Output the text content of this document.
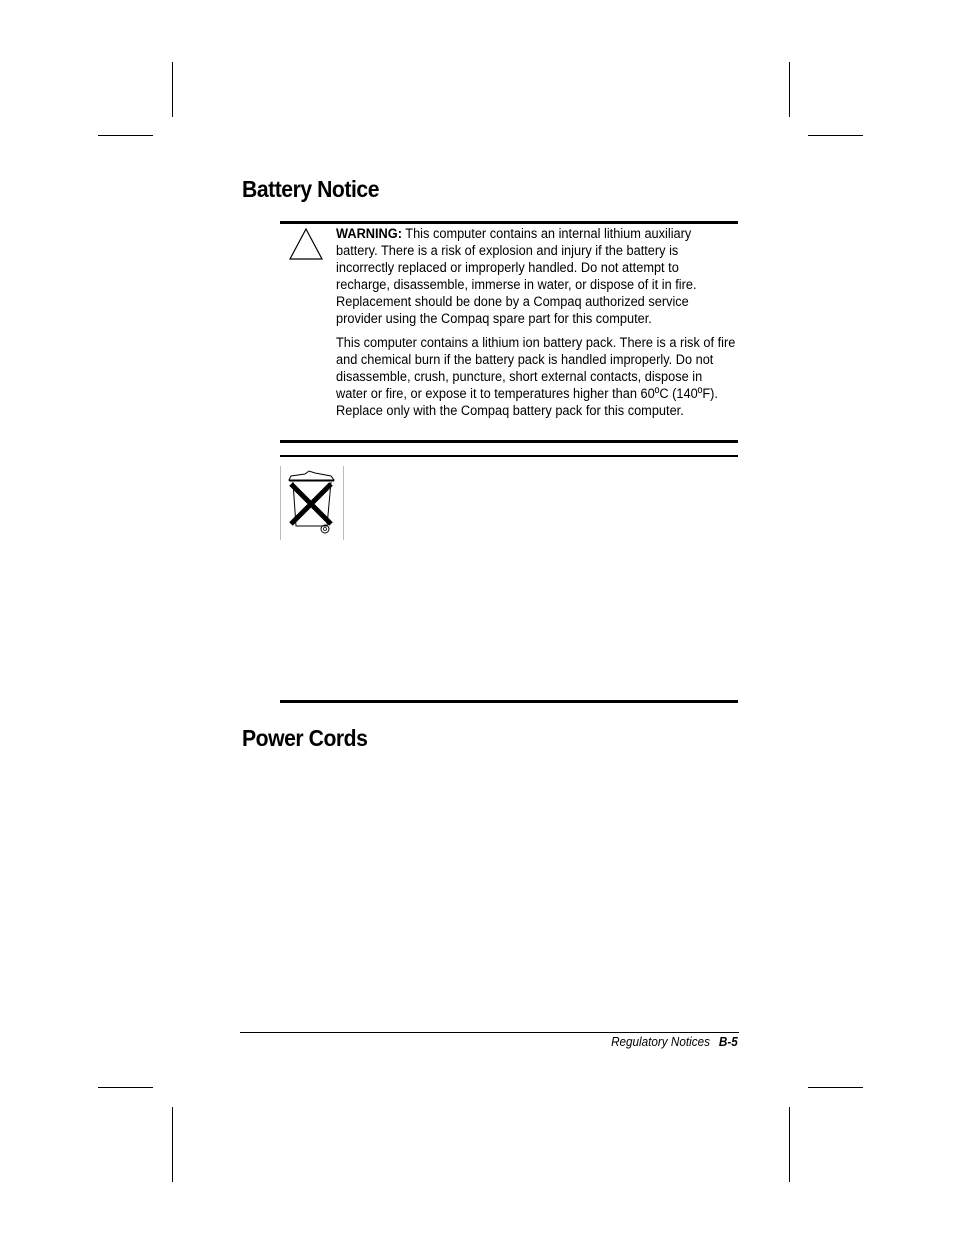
Battery Notice

WARNING: This computer contains an internal lithium auxiliary battery. There is a risk of explosion and injury if the battery is incorrectly replaced or improperly handled. Do not attempt to recharge, disassemble, immerse in water, or dispose of it in fire. Replacement should be done by a Compaq authorized service provider using the Compaq spare part for this computer.

This computer contains a lithium ion battery pack. There is a risk of fire and chemical burn if the battery pack is handled improperly. Do not disassemble, crush, puncture, short external contacts, dispose in water or fire, or expose it to temperatures higher than 60ºC (140ºF). Replace only with the Compaq battery pack for this computer.

Power Cords
Regulatory Notices B-5
